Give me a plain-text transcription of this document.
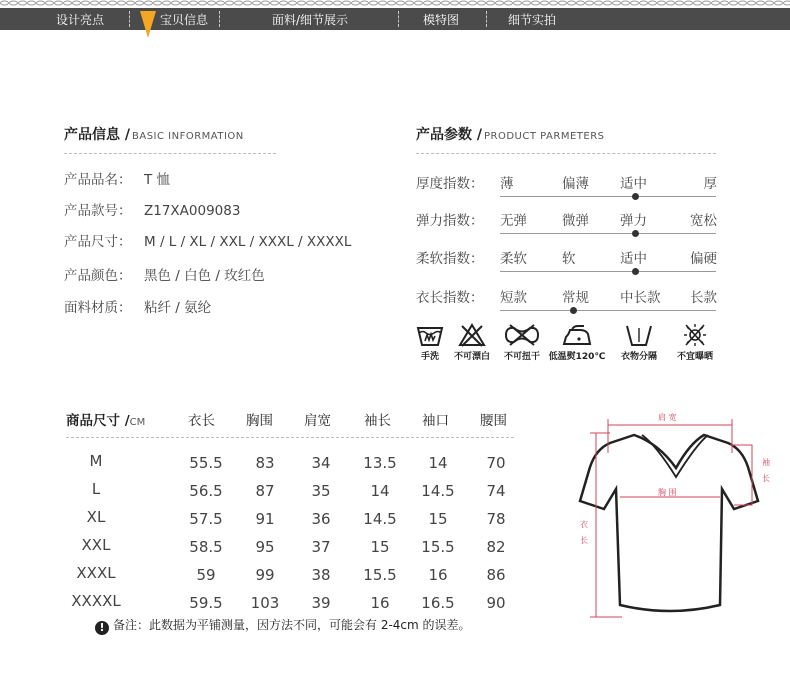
设计亮点	宝贝信息	面料/细节展示	模特图	细节实拍
产品信息 / BASIC INFORMATION
产品品名： T 恤
产品款号： Z17XA009083
产品尺寸： M / L / XL / XXL / XXXL / XXXXL
产品颜色： 黑色 / 白色 / 玫红色
面料材质： 粘纤 / 氨纶
产品参数 / PRODUCT PARMETERS
厚度指数： 薄	偏薄 适中	厚
弹力指数： 无弹	微弹 弹力	宽松
柔软指数： 柔软	软	适中	偏硬
衣长指数： 短款	常规 中长款 长款
手洗	不可漂白	不可扭干 低温熨120℃	衣物分隔	不宜曝晒
商品尺寸 /CM	衣长 胸围 肩宽 袖长 袖口 腰围
M	55.5	83	34	13.5	14	70
L	56.5	87	35	14	14.5	74
XL	57.5	91	36	14.5	15	78
XXL	58.5	95	37	15	15.5	82
XXXL	59	99	38	15.5	16	86
XXXXL	59.5	103	39	16	16.5	90
! 备注：此数据为平铺测量，因方法不同，可能会有 2-4cm 的误差。
肩 宽
胸 围
袖
长
衣
长
